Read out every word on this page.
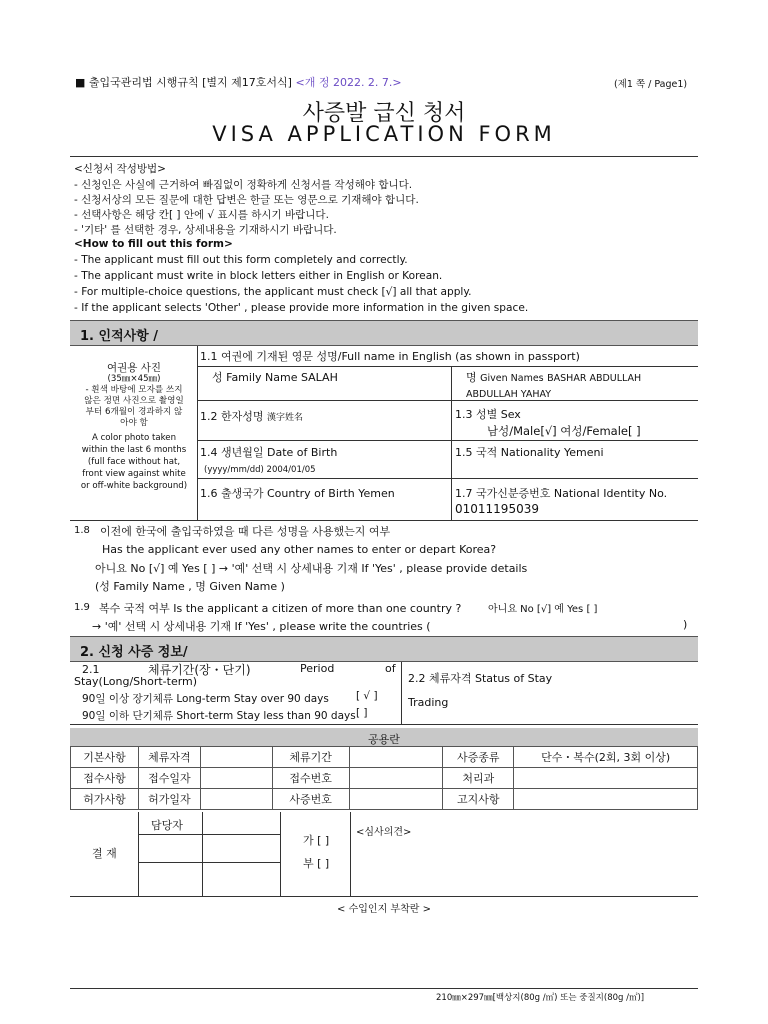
■ 출입국관리법 시행규칙 [별지 제17호서식] <개 정 2022. 2. 7.>	(제1 쪽 / Page1)
사증발 급신 청서
VISA APPLICATION FORM
<신청서 작성방법>
- 신청인은 사실에 근거하여 빠짐없이 정확하게 신청서를 작성해야 합니다.
- 신청서상의 모든 질문에 대한 답변은 한글 또는 영문으로 기재해야 합니다.
- 선택사항은 해당 칸[ ] 안에 √ 표시를 하시기 바랍니다.
- '기타' 를 선택한 경우, 상세내용을 기재하시기 바랍니다.
<How to fill out this form>
- The applicant must fill out this form completely and correctly.
- The applicant must write in block letters either in English or Korean.
- For multiple-choice questions, the applicant must check [√] all that apply.
- If the applicant selects 'Other' , please provide more information in the given space.
1. 인적사항 /
여권용 사진
(35㎜×45㎜)
- 흰색 바탕에 모자를 쓰지
않은 정면 사진으로 촬영일
부터 6개월이 경과하지 않
아야 함
A color photo taken
within the last 6 months
(full face without hat,
front view against white
or off-white background)
1.1 여권에 기재된 영문 성명/Full name in English (as shown in passport)
성 Family Name SALAH	명 Given Names BASHAR ABDULLAH
ABDULLAH YAHAY
1.2 한자성명 漢字姓名	1.3 성별 Sex
남성/Male[√] 여성/Female[ ]
1.4 생년월일 Date of Birth
(yyyy/mm/dd) 2004/01/05
1.5 국적 Nationality Yemeni
1.6 출생국가 Country of Birth Yemen	1.7 국가신분증번호 National Identity No.
01011195039
1.8 이전에 한국에 출입국하였을 때 다른 성명을 사용했는지 여부
Has the applicant ever used any other names to enter or depart Korea?
아니요 No [√] 예 Yes [ ] → '예' 선택 시 상세내용 기재 If 'Yes' , please provide details
(성 Family Name , 명 Given Name )
1.9 복수 국적 여부 Is the applicant a citizen of more than one country ?	아니요 No [√] 예 Yes [ ]
→ '예' 선택 시 상세내용 기재 If 'Yes' , please write the countries (	)
2. 신청 사증 정보/
2.1	체류기간(장・단기)	Period	of
Stay(Long/Short-term)
90일 이상 장기체류 Long-term Stay over 90 days	[ √ ]
90일 이하 단기체류 Short-term Stay less than 90 days [ ]
2.2 체류자격 Status of Stay
Trading
공용란
기본사항	체류자격		체류기간		사증종류	단수・복수(2회, 3회 이상)
접수사항	접수일자		접수번호		처리과	
허가사항	허가일자		사증번호		고지사항	
결 재
담당자
가 [ ]
부 [ ]
<심사의견>
< 수입인지 부착란 >
210㎜×297㎜[백상지(80g /㎡) 또는 중질지(80g /㎡)]
